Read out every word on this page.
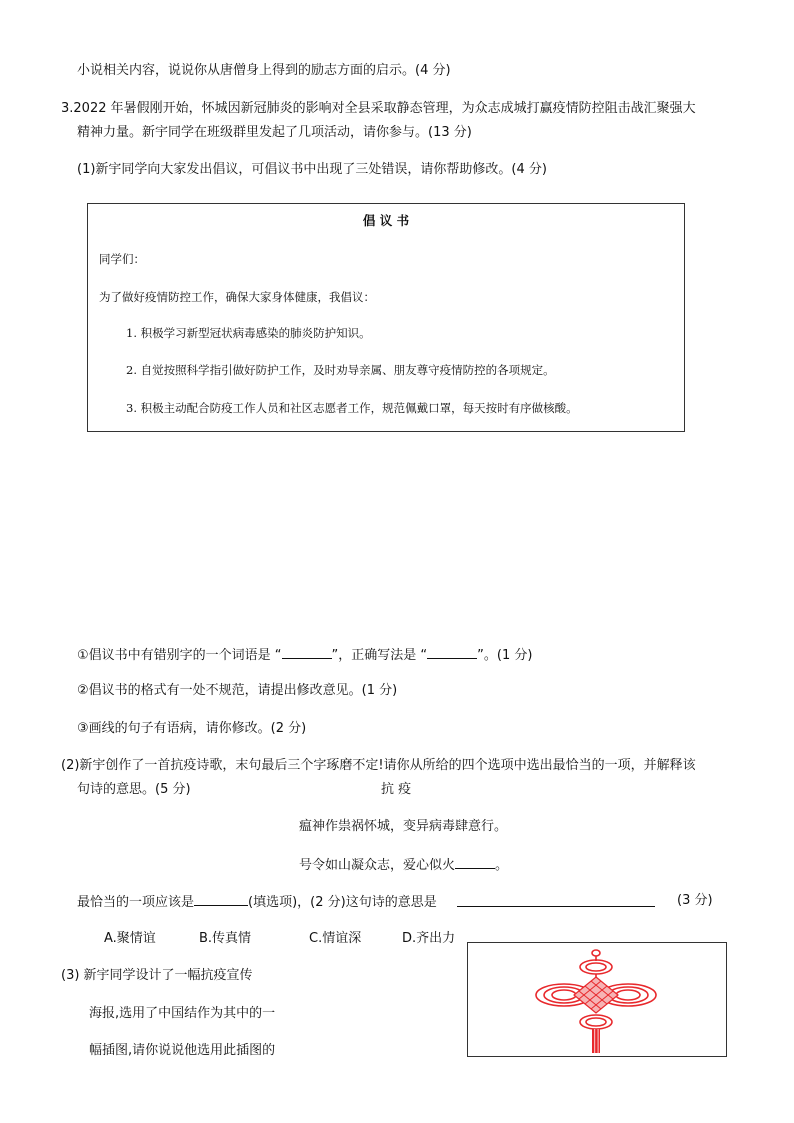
小说相关内容，说说你从唐僧身上得到的励志方面的启示。(4 分)
3.2022 年暑假刚开始，怀城因新冠肺炎的影响对全县采取静态管理，为众志成城打赢疫情防控阻击战汇聚强大
精神力量。新宇同学在班级群里发起了几项活动，请你参与。(13 分)
(1)新宇同学向大家发出倡议，可倡议书中出现了三处错误，请你帮助修改。(4 分)
倡 议 书
同学们：
为了做好疫情防控工作，确保大家身体健康，我倡议：
1. 积极学习新型冠状病毒感染的肺炎防护知识。
2. 自觉按照科学指引做好防护工作，及时劝导亲属、朋友尊守疫情防控的各项规定。
3. 积极主动配合防疫工作人员和社区志愿者工作，规范佩戴口罩，每天按时有序做核酸。
①倡议书中有错别字的一个词语是 “	”，正确写法是 “	”。(1 分)
②倡议书的格式有一处不规范，请提出修改意见。(1 分)
③画线的句子有语病，请你修改。(2 分)
(2)新宇创作了一首抗疫诗歌，末句最后三个字琢磨不定!请你从所给的四个选项中选出最恰当的一项，并解释该
句诗的意思。(5 分)	抗 疫
瘟神作祟祸怀城，变异病毒肆意行。
号令如山凝众志，爱心似火	。
最恰当的一项应该是	(填选项)，(2 分)这句诗的意思是	(3 分)
A.聚情谊	B.传真情	C.情谊深	D.齐出力
(3) 新宇同学设计了一幅抗疫宣传
海报,选用了中国结作为其中的一
幅插图,请你说说他选用此插图的
